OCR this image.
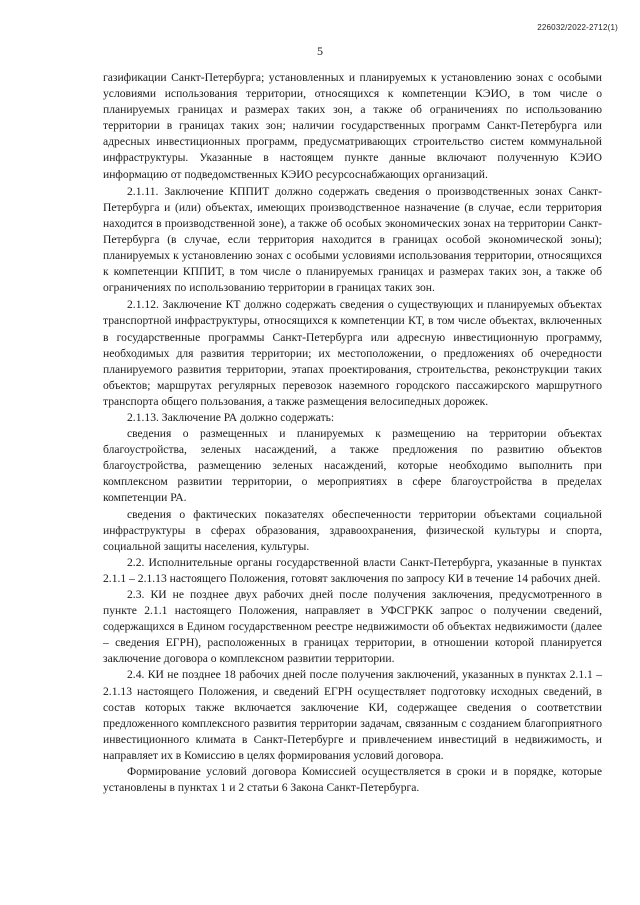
226032/2022-2712(1)
5

газификации Санкт-Петербурга; установленных и планируемых к установлению зонах с особыми условиями использования территории, относящихся к компетенции КЭИО, в том числе о планируемых границах и размерах таких зон, а также об ограничениях по использованию территории в границах таких зон; наличии государственных программ Санкт-Петербурга или адресных инвестиционных программ, предусматривающих строительство систем коммунальной инфраструктуры. Указанные в настоящем пункте данные включают полученную КЭИО информацию от подведомственных КЭИО ресурсоснабжающих организаций.

2.1.11. Заключение КППИТ должно содержать сведения о производственных зонах Санкт-Петербурга и (или) объектах, имеющих производственное назначение (в случае, если территория находится в производственной зоне), а также об особых экономических зонах на территории Санкт-Петербурга (в случае, если территория находится в границах особой экономической зоны); планируемых к установлению зонах с особыми условиями использования территории, относящихся к компетенции КППИТ, в том числе о планируемых границах и размерах таких зон, а также об ограничениях по использованию территории в границах таких зон.

2.1.12. Заключение КТ должно содержать сведения о существующих и планируемых объектах транспортной инфраструктуры, относящихся к компетенции КТ, в том числе объектах, включенных в государственные программы Санкт-Петербурга или адресную инвестиционную программу, необходимых для развития территории; их местоположении, о предложениях об очередности планируемого развития территории, этапах проектирования, строительства, реконструкции таких объектов; маршрутах регулярных перевозок наземного городского пассажирского маршрутного транспорта общего пользования, а также размещения велосипедных дорожек.

2.1.13. Заключение РА должно содержать:

сведения о размещенных и планируемых к размещению на территории объектах благоустройства, зеленых насаждений, а также предложения по развитию объектов благоустройства, размещению зеленых насаждений, которые необходимо выполнить при комплексном развитии территории, о мероприятиях в сфере благоустройства в пределах компетенции РА.

сведения о фактических показателях обеспеченности территории объектами социальной инфраструктуры в сферах образования, здравоохранения, физической культуры и спорта, социальной защиты населения, культуры.

2.2. Исполнительные органы государственной власти Санкт-Петербурга, указанные в пунктах 2.1.1 – 2.1.13 настоящего Положения, готовят заключения по запросу КИ в течение 14 рабочих дней.

2.3. КИ не позднее двух рабочих дней после получения заключения, предусмотренного в пункте 2.1.1 настоящего Положения, направляет в УФСГРКК запрос о получении сведений, содержащихся в Едином государственном реестре недвижимости об объектах недвижимости (далее – сведения ЕГРН), расположенных в границах территории, в отношении которой планируется заключение договора о комплексном развитии территории.

2.4. КИ не позднее 18 рабочих дней после получения заключений, указанных в пунктах 2.1.1 – 2.1.13 настоящего Положения, и сведений ЕГРН осуществляет подготовку исходных сведений, в состав которых также включается заключение КИ, содержащее сведения о соответствии предложенного комплексного развития территории задачам, связанным с созданием благоприятного инвестиционного климата в Санкт-Петербурге и привлечением инвестиций в недвижимость, и направляет их в Комиссию в целях формирования условий договора.

Формирование условий договора Комиссией осуществляется в сроки и в порядке, которые установлены в пунктах 1 и 2 статьи 6 Закона Санкт-Петербурга.
